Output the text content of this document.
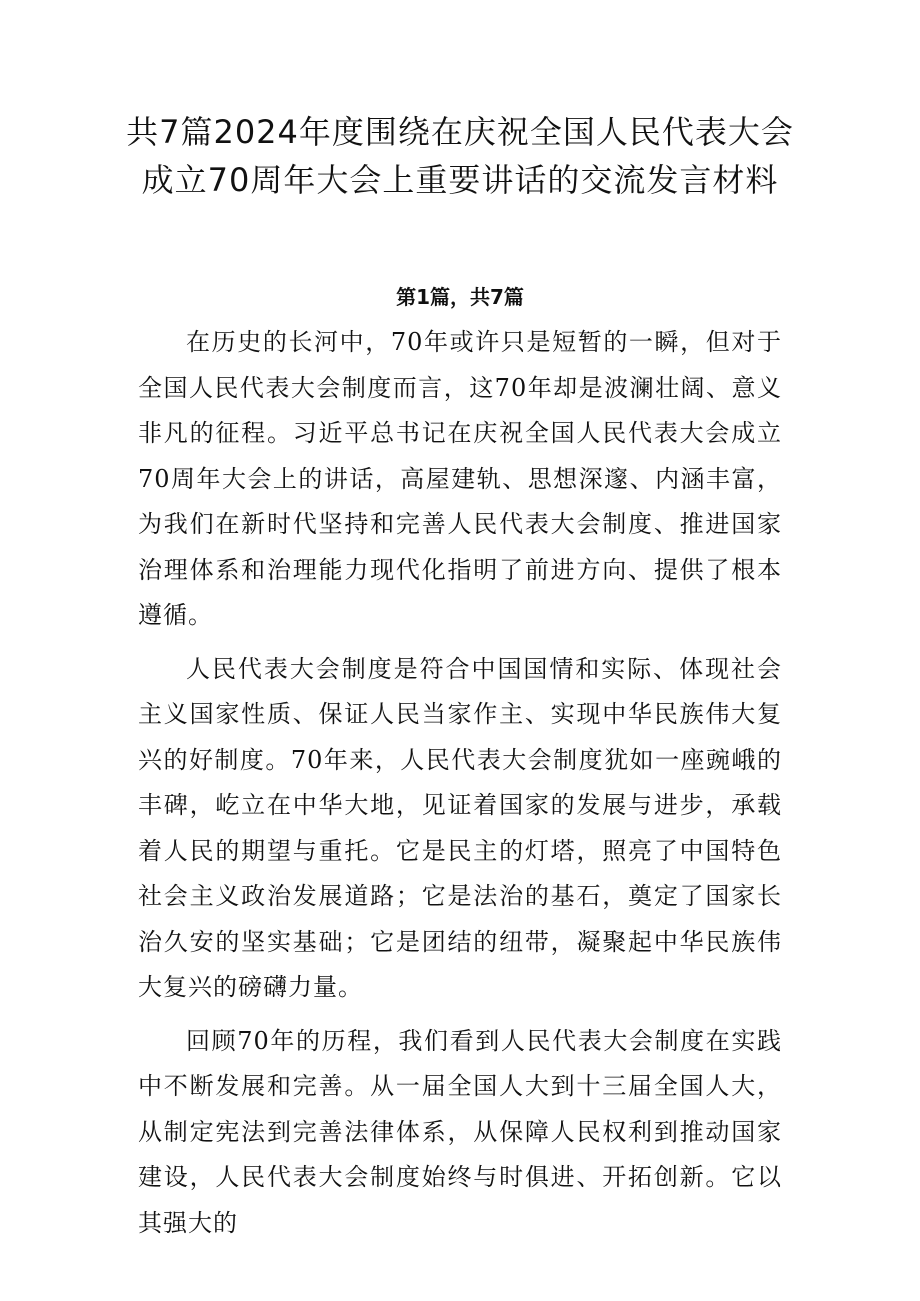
共7篇2024年度围绕在庆祝全国人民代表大会成立70周年大会上重要讲话的交流发言材料
第1篇，共7篇

在历史的长河中，70年或许只是短暂的一瞬，但对于全国人民代表大会制度而言，这70年却是波澜壮阔、意义非凡的征程。习近平总书记在庆祝全国人民代表大会成立70周年大会上的讲话，高屋建轨、思想深邃、内涵丰富，为我们在新时代坚持和完善人民代表大会制度、推进国家治理体系和治理能力现代化指明了前进方向、提供了根本遵循。

人民代表大会制度是符合中国国情和实际、体现社会主义国家性质、保证人民当家作主、实现中华民族伟大复兴的好制度。70年来，人民代表大会制度犹如一座豌峨的丰碑，屹立在中华大地，见证着国家的发展与进步，承载着人民的期望与重托。它是民主的灯塔，照亮了中国特色社会主义政治发展道路；它是法治的基石，奠定了国家长治久安的坚实基础；它是团结的纽带，凝聚起中华民族伟大复兴的磅礴力量。

回顾70年的历程，我们看到人民代表大会制度在实践中不断发展和完善。从一届全国人大到十三届全国人大，从制定宪法到完善法律体系，从保障人民权利到推动国家建设，人民代表大会制度始终与时俱进、开拓创新。它以其强大的
